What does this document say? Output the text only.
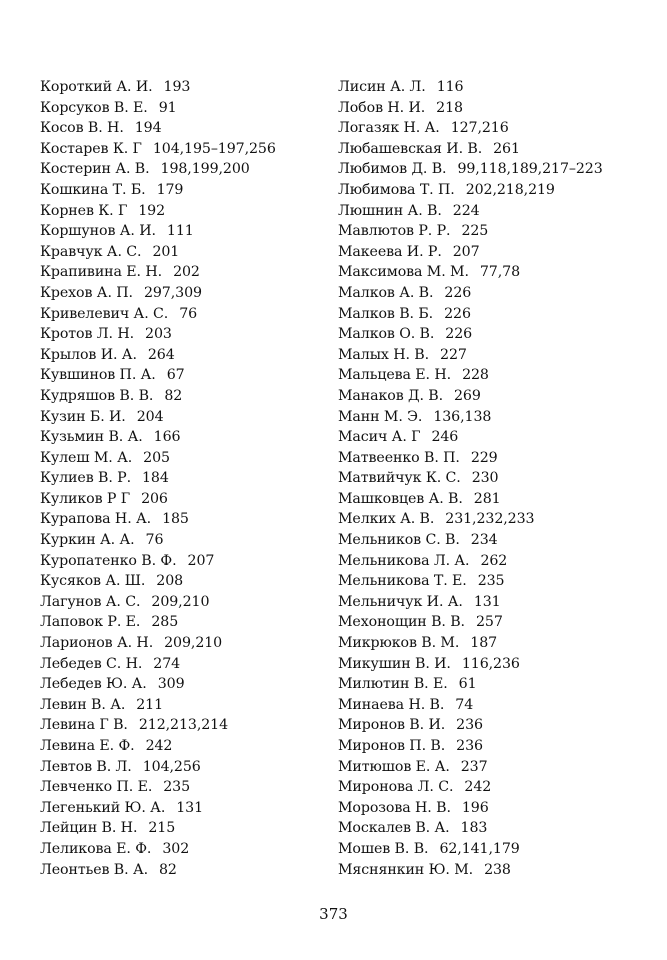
Короткий А. И. 193
Корсуков В. Е. 91
Косов В. Н. 194
Костарев К. Г 104,195–197,256
Костерин А. В. 198,199,200
Кошкина Т. Б. 179
Корнев К. Г 192
Коршунов А. И. 111
Кравчук А. С. 201
Крапивина Е. Н. 202
Крехов А. П. 297,309
Кривелевич А. С. 76
Кротов Л. Н. 203
Крылов И. А. 264
Кувшинов П. А. 67
Кудряшов В. В. 82
Кузин Б. И. 204
Кузьмин В. А. 166
Кулеш М. А. 205
Кулиев В. Р. 184
Куликов Р Г 206
Курапова Н. А. 185
Куркин А. А. 76
Куропатенко В. Ф. 207
Кусяков А. Ш. 208
Лагунов А. С. 209,210
Лаповок Р. Е. 285
Ларионов А. Н. 209,210
Лебедев С. Н. 274
Лебедев Ю. А. 309
Левин В. А. 211
Левина Г В. 212,213,214
Левина Е. Ф. 242
Левтов В. Л. 104,256
Левченко П. Е. 235
Легенький Ю. А. 131
Лейцин В. Н. 215
Леликова Е. Ф. 302
Леонтьев В. А. 82
Лисин А. Л. 116
Лобов Н. И. 218
Логазяк Н. А. 127,216
Любашевская И. В. 261
Любимов Д. В. 99,118,189,217–223
Любимова Т. П. 202,218,219
Люшнин А. В. 224
Мавлютов Р. Р. 225
Макеева И. Р. 207
Максимова М. М. 77,78
Малков А. В. 226
Малков В. Б. 226
Малков О. В. 226
Малых Н. В. 227
Мальцева Е. Н. 228
Манаков Д. В. 269
Манн М. Э. 136,138
Масич А. Г 246
Матвеенко В. П. 229
Матвийчук К. С. 230
Машковцев А. В. 281
Мелких А. В. 231,232,233
Мельников С. В. 234
Мельникова Л. А. 262
Мельникова Т. Е. 235
Мельничук И. А. 131
Мехонощин В. В. 257
Микрюков В. М. 187
Микушин В. И. 116,236
Милютин В. Е. 61
Минаева Н. В. 74
Миронов В. И. 236
Миронов П. В. 236
Митюшов Е. А. 237
Миронова Л. С. 242
Морозова Н. В. 196
Москалев В. А. 183
Мошев В. В. 62,141,179
Мяснянкин Ю. М. 238
373
